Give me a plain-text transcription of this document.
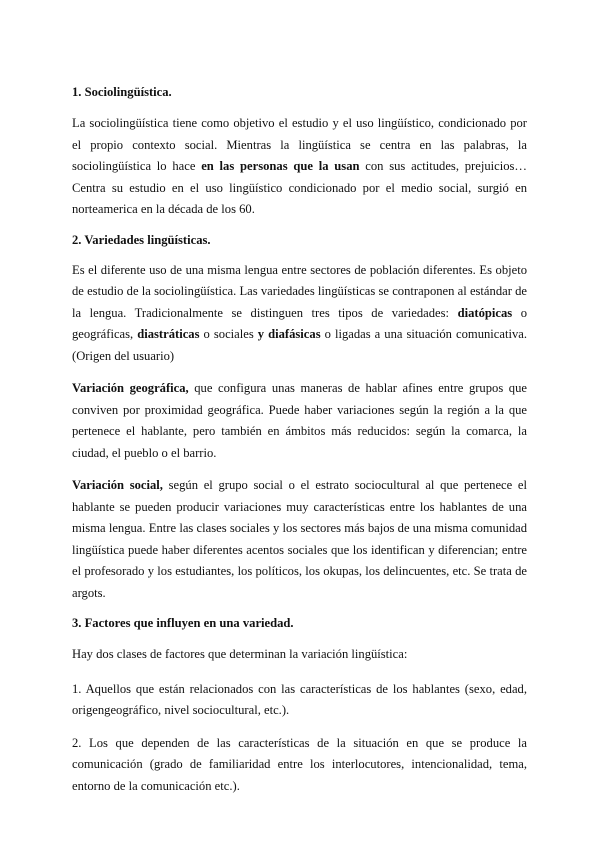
1. Sociolingüística.

La sociolingüística tiene como objetivo el estudio y el uso lingüístico, condicionado por el propio contexto social. Mientras la lingüística se centra en las palabras, la sociolingüística lo hace en las personas que la usan con sus actitudes, prejuicios… Centra su estudio en el uso lingüístico condicionado por el medio social, surgió en norteamerica en la década de los 60.

2. Variedades lingüísticas.

Es el diferente uso de una misma lengua entre sectores de población diferentes. Es objeto de estudio de la sociolingüística. Las variedades lingüísticas se contraponen al estándar de la lengua. Tradicionalmente se distinguen tres tipos de variedades: diatópicas o geográficas, diastráticas o sociales y diafásicas o ligadas a una situación comunicativa. (Origen del usuario)

Variación geográfica, que configura unas maneras de hablar afines entre grupos que conviven por proximidad geográfica. Puede haber variaciones según la región a la que pertenece el hablante, pero también en ámbitos más reducidos: según la comarca, la ciudad, el pueblo o el barrio.

Variación social, según el grupo social o el estrato sociocultural al que pertenece el hablante se pueden producir variaciones muy características entre los hablantes de una misma lengua. Entre las clases sociales y los sectores más bajos de una misma comunidad lingüística puede haber diferentes acentos sociales que los identifican y diferencian; entre el profesorado y los estudiantes, los políticos, los okupas, los delincuentes, etc. Se trata de argots.

3. Factores que influyen en una variedad.

Hay dos clases de factores que determinan la variación lingüística:

1. Aquellos que están relacionados con las características de los hablantes (sexo, edad, origengeográfico, nivel sociocultural, etc.).

2. Los que dependen de las características de la situación en que se produce la comunicación (grado de familiaridad entre los interlocutores, intencionalidad, tema, entorno de la comunicación etc.).
